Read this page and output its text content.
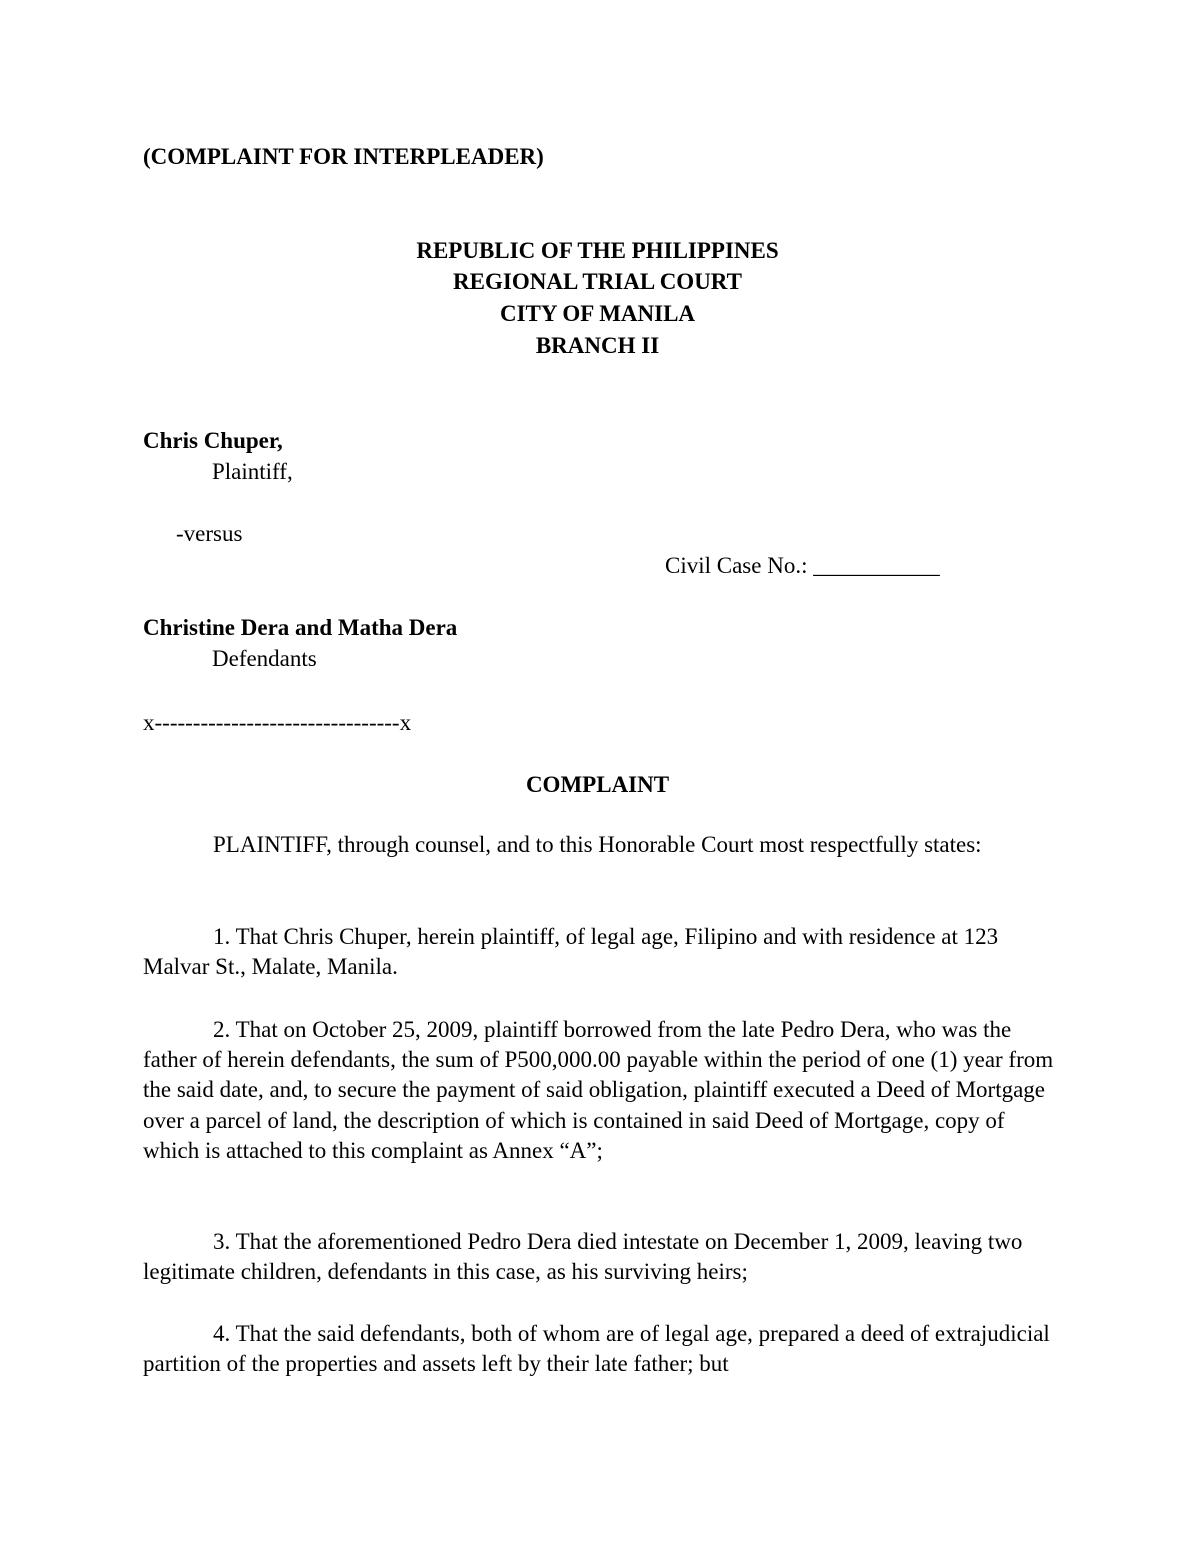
(COMPLAINT FOR INTERPLEADER)
REPUBLIC OF THE PHILIPPINES
REGIONAL TRIAL COURT
CITY OF MANILA
BRANCH II
Chris Chuper,
Plaintiff,
-versus
Civil Case No.: ___________
Christine Dera and Matha Dera
Defendants
x--------------------------------x
COMPLAINT
PLAINTIFF, through counsel, and to this Honorable Court most respectfully states:
1. That Chris Chuper, herein plaintiff, of legal age, Filipino and with residence at 123 Malvar St., Malate, Manila.
2. That on October 25, 2009, plaintiff borrowed from the late Pedro Dera, who was the father of herein defendants, the sum of P500,000.00 payable within the period of one (1) year from the said date, and, to secure the payment of said obligation, plaintiff executed a Deed of Mortgage over a parcel of land, the description of which is contained in said Deed of Mortgage, copy of which is attached to this complaint as Annex “A”;
3. That the aforementioned Pedro Dera died intestate on December 1, 2009, leaving two legitimate children, defendants in this case, as his surviving heirs;
4. That the said defendants, both of whom are of legal age, prepared a deed of extrajudicial partition of the properties and assets left by their late father; but
